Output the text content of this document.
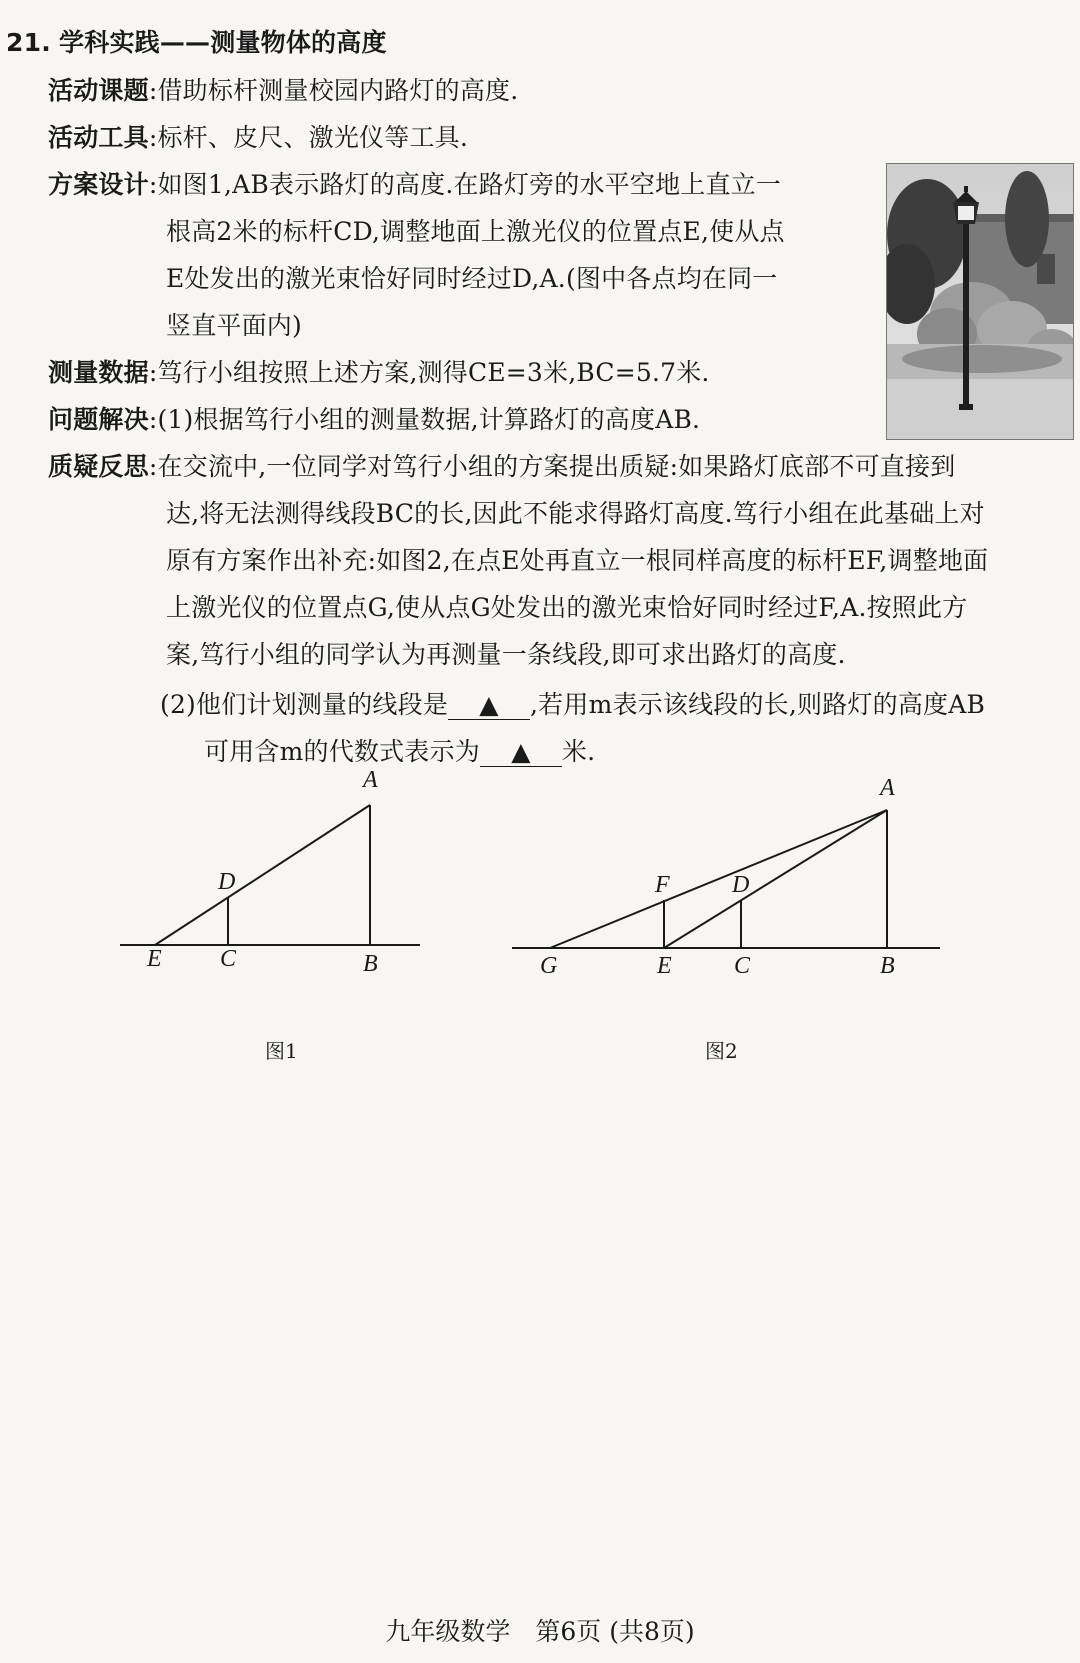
21. 学科实践——测量物体的高度
活动课题:借助标杆测量校园内路灯的高度.
活动工具:标杆、皮尺、激光仪等工具.
方案设计:如图1,AB表示路灯的高度.在路灯旁的水平空地上直立一
根高2米的标杆CD,调整地面上激光仪的位置点E,使从点
E处发出的激光束恰好同时经过D,A.(图中各点均在同一
竖直平面内)
测量数据:笃行小组按照上述方案,测得CE=3米,BC=5.7米.
问题解决:(1)根据笃行小组的测量数据,计算路灯的高度AB.
质疑反思:在交流中,一位同学对笃行小组的方案提出质疑:如果路灯底部不可直接到
达,将无法测得线段BC的长,因此不能求得路灯高度.笃行小组在此基础上对
原有方案作出补充:如图2,在点E处再直立一根同样高度的标杆EF,调整地面
上激光仪的位置点G,使从点G处发出的激光束恰好同时经过F,A.按照此方
案,笃行小组的同学认为再测量一条线段,即可求出路灯的高度.
(2)他们计划测量的线段是 ▲ ,若用m表示该线段的长,则路灯的高度AB
可用含m的代数式表示为 ▲ 米.
A
B
C
D
E
图1
A
B
C
D
E
F
G
图2
九年级数学　第6页 (共8页)
